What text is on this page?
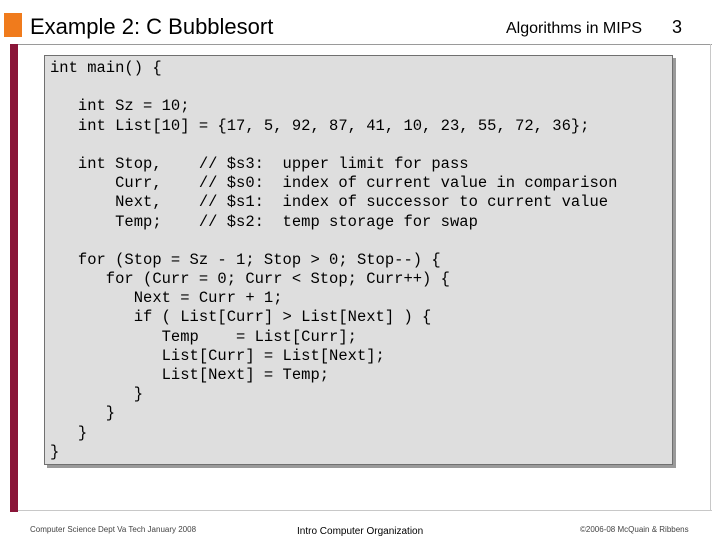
Example 2: C Bubblesort	Algorithms in MIPS 3
int main() {
int Sz = 10;
int List[10] = {17, 5, 92, 87, 41, 10, 23, 55, 72, 36};
int Stop,    // $s3:  upper limit for pass
Curr,    // $s0:  index of current value in comparison
Next,    // $s1:  index of successor to current value
Temp;    // $s2:  temp storage for swap
for (Stop = Sz - 1; Stop > 0; Stop--) {
for (Curr = 0; Curr < Stop; Curr++) {
Next = Curr + 1;
if ( List[Curr] > List[Next] ) {
Temp    = List[Curr];
List[Curr] = List[Next];
List[Next] = Temp;
}
}
}
}
Computer Science Dept Va Tech January 2008	Intro Computer Organization	©2006-08 McQuain & Ribbens
